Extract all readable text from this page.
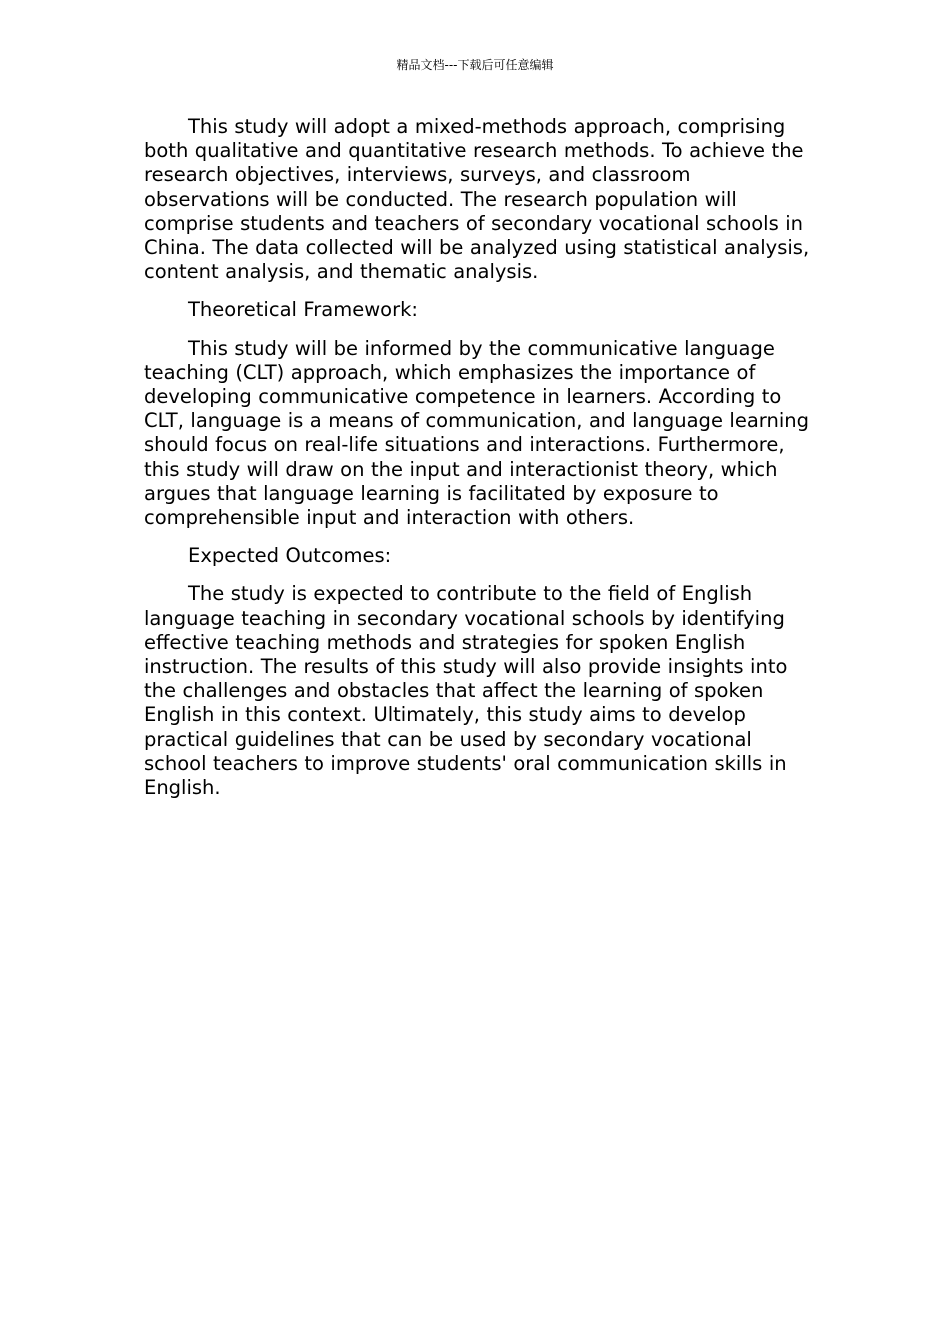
精品文档---下载后可任意编辑

This study will adopt a mixed-methods approach, comprising both qualitative and quantitative research methods. To achieve the research objectives, interviews, surveys, and classroom observations will be conducted. The research population will comprise students and teachers of secondary vocational schools in China. The data collected will be analyzed using statistical analysis, content analysis, and thematic analysis.

Theoretical Framework:

This study will be informed by the communicative language teaching (CLT) approach, which emphasizes the importance of developing communicative competence in learners. According to CLT, language is a means of communication, and language learning should focus on real-life situations and interactions. Furthermore, this study will draw on the input and interactionist theory, which argues that language learning is facilitated by exposure to comprehensible input and interaction with others.

Expected Outcomes:

The study is expected to contribute to the field of English language teaching in secondary vocational schools by identifying effective teaching methods and strategies for spoken English instruction. The results of this study will also provide insights into the challenges and obstacles that affect the learning of spoken English in this context. Ultimately, this study aims to develop practical guidelines that can be used by secondary vocational school teachers to improve students' oral communication skills in English.
